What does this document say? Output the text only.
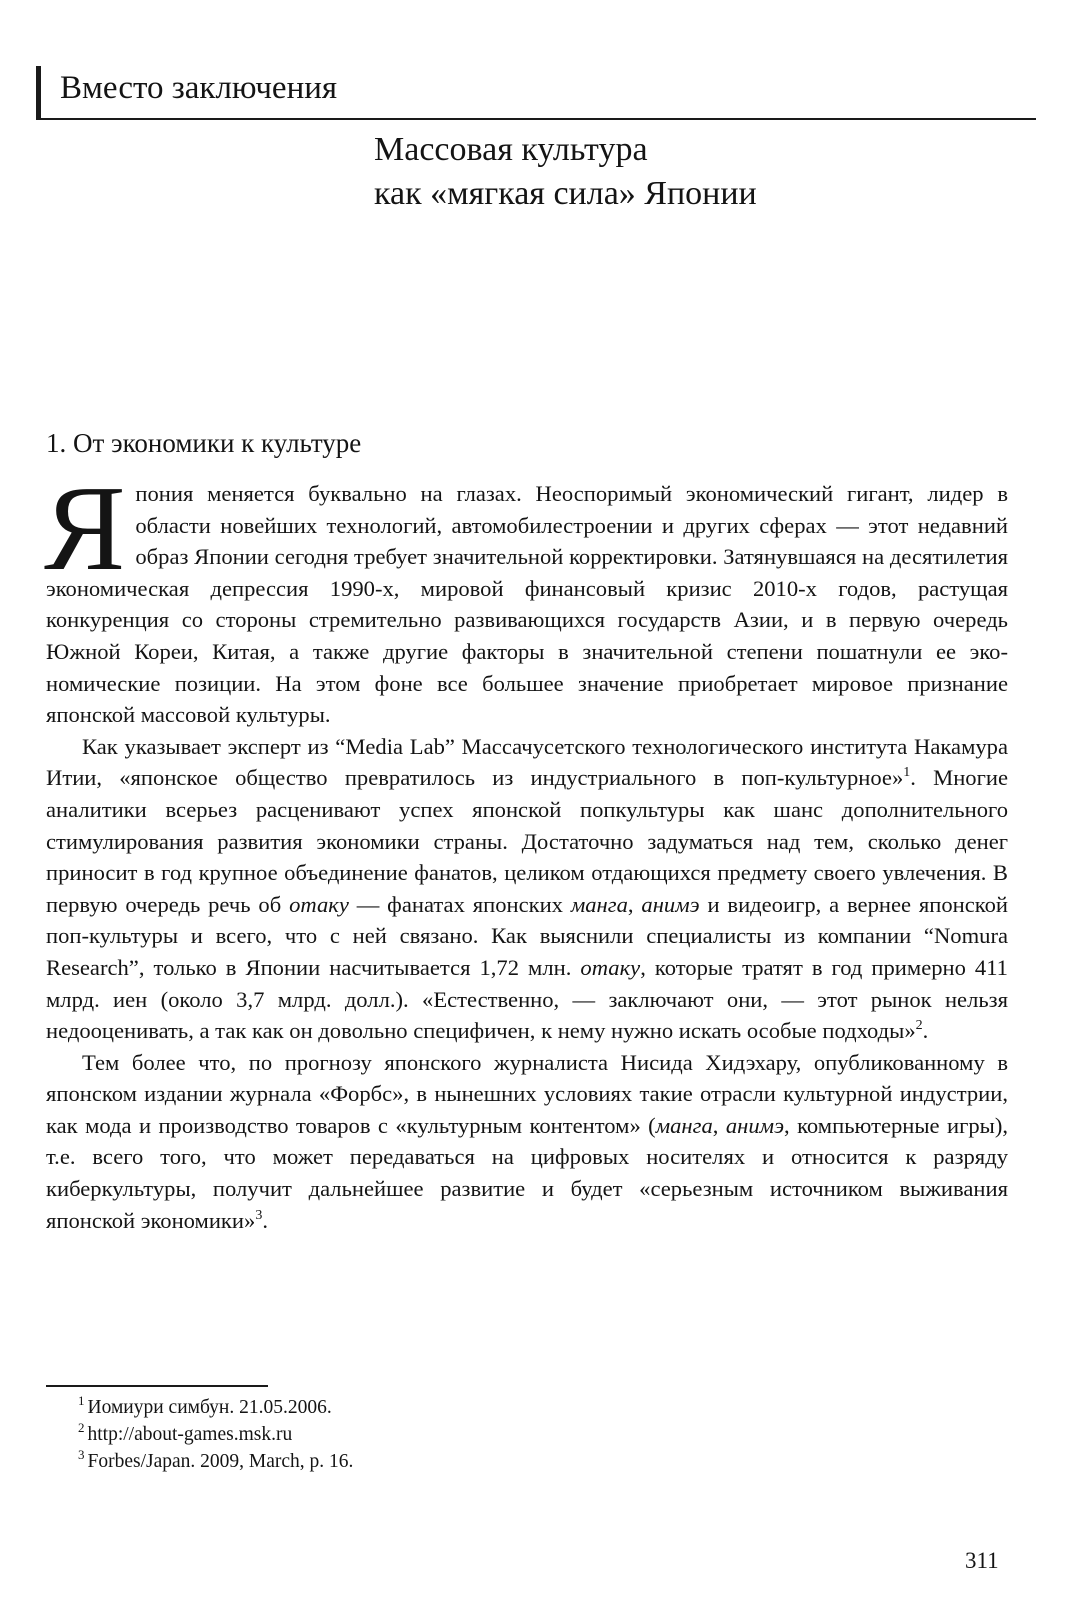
Вместо заключения
Массовая культура
как «мягкая сила» Японии
1. От экономики к культуре

Япония меняется буквально на глазах. Неоспоримый экономический гигант, лидер в области новейших технологий, автомобилестроении и других сферах — этот недавний образ Японии сегодня требует значительной корректировки. Затянувшаяся на десятилетия экономическая депрессия 1990-х, мировой финансовый кризис 2010-х годов, растущая конкуренция со стороны стремительно развивающихся государств Азии, и в первую очередь Южной Кореи, Китая, а также другие факторы в значительной степени пошатнули ее экономические позиции. На этом фоне все большее значение приобретает мировое признание японской массовой культуры.

Как указывает эксперт из “Media Lab” Массачусетского технологического института Накамура Итии, «японское общество превратилось из индустриального в поп-культурное»$^1$. Многие аналитики всерьез расценивают успех японской попкультуры как шанс дополнительного стимулирования развития экономики страны. Достаточно задуматься над тем, сколько денег приносит в год крупное объединение фанатов, целиком отдающихся предмету своего увлечения. В первую очередь речь об отаку — фанатах японских манга, анимэ и видеоигр, а вернее японской поп-культуры и всего, что с ней связано. Как выяснили специалисты из компании “Nomura Research”, только в Японии насчитывается 1,72 млн. отаку, которые тратят в год примерно 411 млрд. иен (около 3,7 млрд. долл.). «Естественно, — заключают они, — этот рынок нельзя недооценивать, а так как он довольно специфичен, к нему нужно искать особые подходы»$^2$.

Тем более что, по прогнозу японского журналиста Нисида Хидэхару, опубликованному в японском издании журнала «Форбс», в нынешних условиях такие отрасли культурной индустрии, как мода и производство товаров с «культурным контентом» (манга, анимэ, компьютерные игры), т.е. всего того, что может передаваться на цифровых носителях и относится к разряду киберкультуры, получит дальнейшее развитие и будет «серьезным источником выживания японской экономики»$^3$.

$^1$ Иомиури симбун. 21.05.2006.
$^2$ http://about-games.msk.ru
$^3$ Forbes/Japan. 2009, March, p. 16.
311
